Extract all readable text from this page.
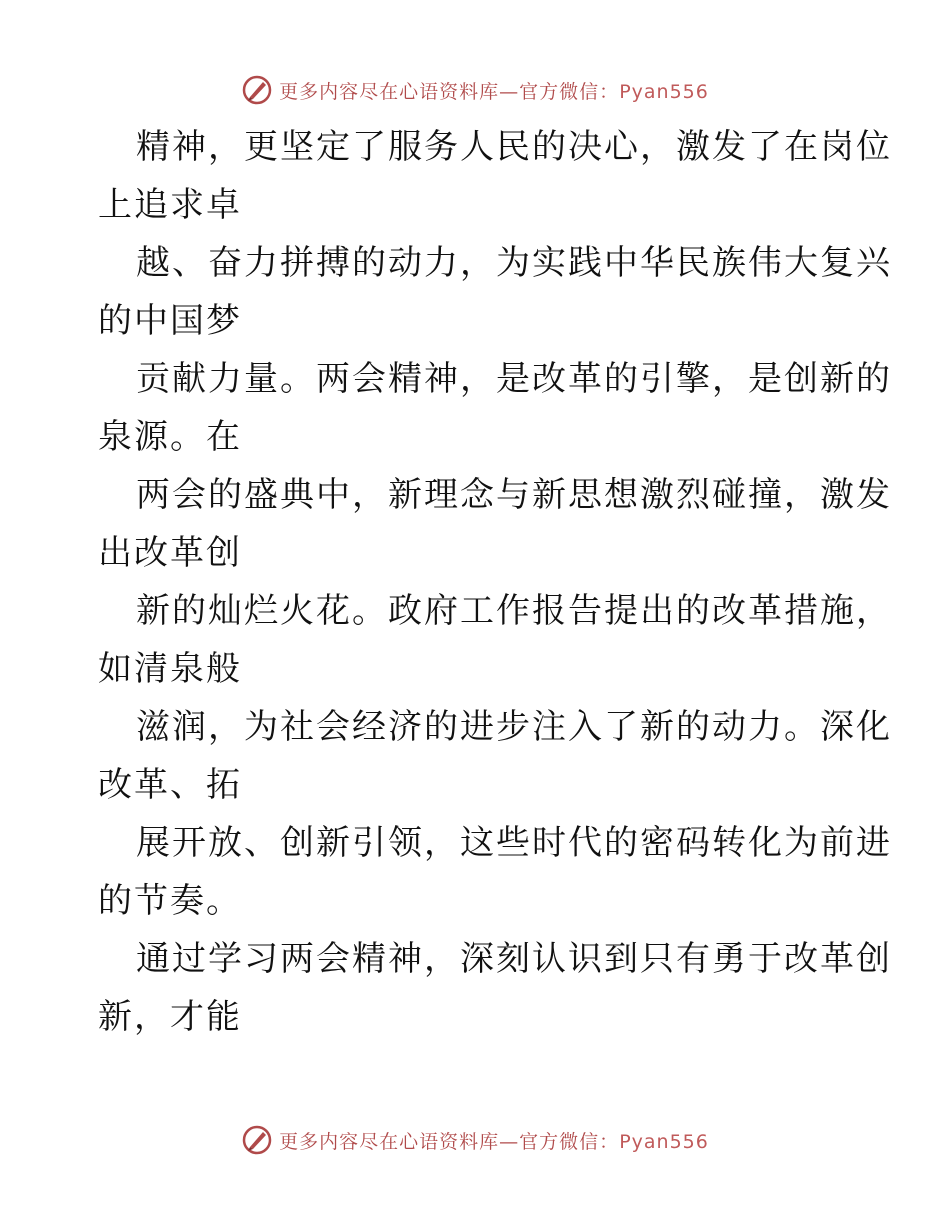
更多内容尽在心语资料库—官方微信：Pyan556
精神，更坚定了服务人民的决心，激发了在岗位
上追求卓
越、奋力拼搏的动力，为实践中华民族伟大复兴
的中国梦
贡献力量。两会精神，是改革的引擎，是创新的
泉源。在
两会的盛典中，新理念与新思想激烈碰撞，激发
出改革创
新的灿烂火花。政府工作报告提出的改革措施，
如清泉般
滋润，为社会经济的进步注入了新的动力。深化
改革、拓
展开放、创新引领，这些时代的密码转化为前进
的节奏。
通过学习两会精神，深刻认识到只有勇于改革创
新，才能
更多内容尽在心语资料库—官方微信：Pyan556
